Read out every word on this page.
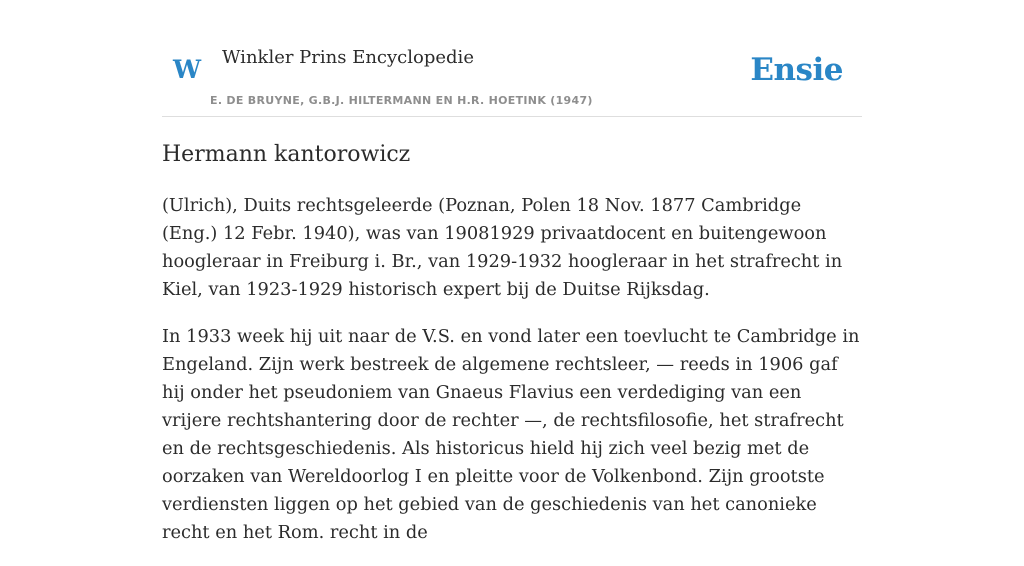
W Winkler Prins Encyclopedie
E. DE BRUYNE, G.B.J. HILTERMANN EN H.R. HOETINK (1947)
Ensie
Hermann kantorowicz

(Ulrich), Duits rechtsgeleerde (Poznan, Polen 18 Nov. 1877 Cambridge (Eng.) 12 Febr. 1940), was van 19081929 privaatdocent en buitengewoon hoogleraar in Freiburg i. Br., van 1929-1932 hoogleraar in het strafrecht in Kiel, van 1923-1929 historisch expert bij de Duitse Rijksdag.

In 1933 week hij uit naar de V.S. en vond later een toevlucht te Cambridge in Engeland. Zijn werk bestreek de algemene rechtsleer, — reeds in 1906 gaf hij onder het pseudoniem van Gnaeus Flavius een verdediging van een vrijere rechtshantering door de rechter —, de rechtsfilosofie, het strafrecht en de rechtsgeschiedenis. Als historicus hield hij zich veel bezig met de oorzaken van Wereldoorlog I en pleitte voor de Volkenbond. Zijn grootste verdiensten liggen op het gebied van de geschiedenis van het canonieke recht en het Rom. recht in de
